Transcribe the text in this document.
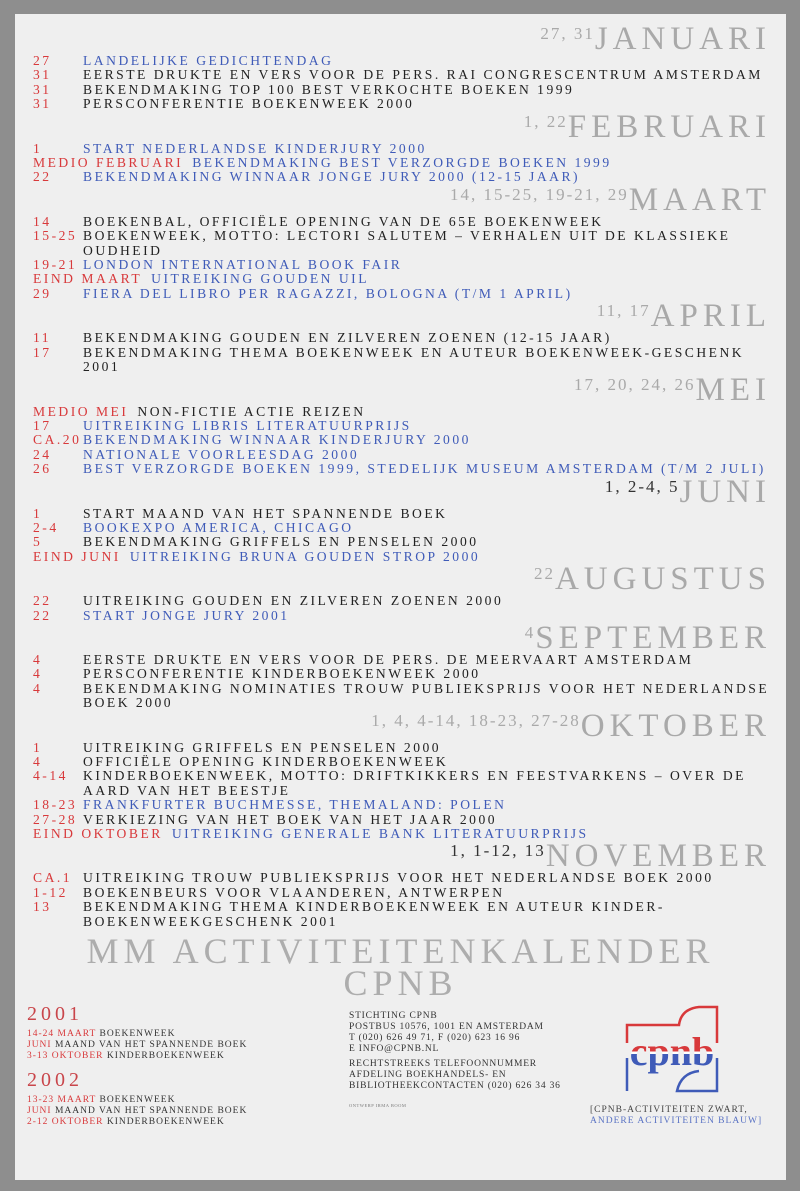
27, 31JANUARI
27	LANDELIJKE GEDICHTENDAG
31	EERSTE DRUKTE EN VERS VOOR DE PERS. RAI CONGRESCENTRUM AMSTERDAM
31	BEKENDMAKING TOP 100 BEST VERKOCHTE BOEKEN 1999
31	PERSCONFERENTIE BOEKENWEEK 2000
1, 22FEBRUARI
1	START NEDERLANDSE KINDERJURY 2000
MEDIO FEBRUARI BEKENDMAKING BEST VERZORGDE BOEKEN 1999
22	BEKENDMAKING WINNAAR JONGE JURY 2000 (12-15 JAAR)
14, 15-25, 19-21, 29MAART
14	BOEKENBAL, OFFICIËLE OPENING VAN DE 65E BOEKENWEEK
15-25 BOEKENWEEK, MOTTO: LECTORI SALUTEM – VERHALEN UIT DE KLASSIEKE OUDHEID
19-21 LONDON INTERNATIONAL BOOK FAIR
EIND MAART UITREIKING GOUDEN UIL
29	FIERA DEL LIBRO PER RAGAZZI, BOLOGNA (T/M 1 APRIL)
11, 17APRIL
11	BEKENDMAKING GOUDEN EN ZILVEREN ZOENEN (12-15 JAAR)
17	BEKENDMAKING THEMA BOEKENWEEK EN AUTEUR BOEKENWEEK-GESCHENK 2001
17, 20, 24, 26MEI
MEDIO MEI NON-FICTIE ACTIE REIZEN
17	UITREIKING LIBRIS LITERATUURPRIJS
CA.20 BEKENDMAKING WINNAAR KINDERJURY 2000
24	NATIONALE VOORLEESDAG 2000
26	BEST VERZORGDE BOEKEN 1999, STEDELIJK MUSEUM AMSTERDAM (T/M 2 JULI)
1, 2-4, 5JUNI
1	START MAAND VAN HET SPANNENDE BOEK
2-4	BOOKEXPO AMERICA, CHICAGO
5	BEKENDMAKING GRIFFELS EN PENSELEN 2000
EIND JUNI UITREIKING BRUNA GOUDEN STROP 2000
22AUGUSTUS
22	UITREIKING GOUDEN EN ZILVEREN ZOENEN 2000
22	START JONGE JURY 2001
4SEPTEMBER
4	EERSTE DRUKTE EN VERS VOOR DE PERS. DE MEERVAART AMSTERDAM
4	PERSCONFERENTIE KINDERBOEKENWEEK 2000
4	BEKENDMAKING NOMINATIES TROUW PUBLIEKSPRIJS VOOR HET NEDERLANDSE BOEK 2000
1, 4, 4-14, 18-23, 27-28OKTOBER
1	UITREIKING GRIFFELS EN PENSELEN 2000
4	OFFICIËLE OPENING KINDERBOEKENWEEK
4-14	KINDERBOEKENWEEK, MOTTO: DRIFTKIKKERS EN FEESTVARKENS – OVER DE AARD VAN HET BEESTJE
18-23 FRANKFURTER BUCHMESSE, THEMALAND: POLEN
27-28 VERKIEZING VAN HET BOEK VAN HET JAAR 2000
EIND OKTOBER UITREIKING GENERALE BANK LITERATUURPRIJS
1, 1-12, 13NOVEMBER
CA.1 UITREIKING TROUW PUBLIEKSPRIJS VOOR HET NEDERLANDSE BOEK 2000
1-12	BOEKENBEURS VOOR VLAANDEREN, ANTWERPEN
13	BEKENDMAKING THEMA KINDERBOEKENWEEK EN AUTEUR KINDER-BOEKENWEEKGESCHENK 2001
MM ACTIVITEITENKALENDER
CPNB
2001
14-24 MAART BOEKENWEEK
JUNI MAAND VAN HET SPANNENDE BOEK
3-13 OKTOBER KINDERBOEKENWEEK
2002
13-23 MAART BOEKENWEEK
JUNI MAAND VAN HET SPANNENDE BOEK
2-12 OKTOBER KINDERBOEKENWEEK

STICHTING CPNB
POSTBUS 10576, 1001 EN AMSTERDAM
T (020) 626 49 71, F (020) 623 16 96
E INFO@CPNB.NL

RECHTSTREEKS TELEFOONNUMMER
AFDELING BOEKHANDELS- EN
BIBLIOTHEEKCONTACTEN (020) 626 34 36

ONTWERP IRMA BOOM
cpnb
[CPNB-ACTIVITEITEN ZWART,
ANDERE ACTIVITEITEN BLAUW]
